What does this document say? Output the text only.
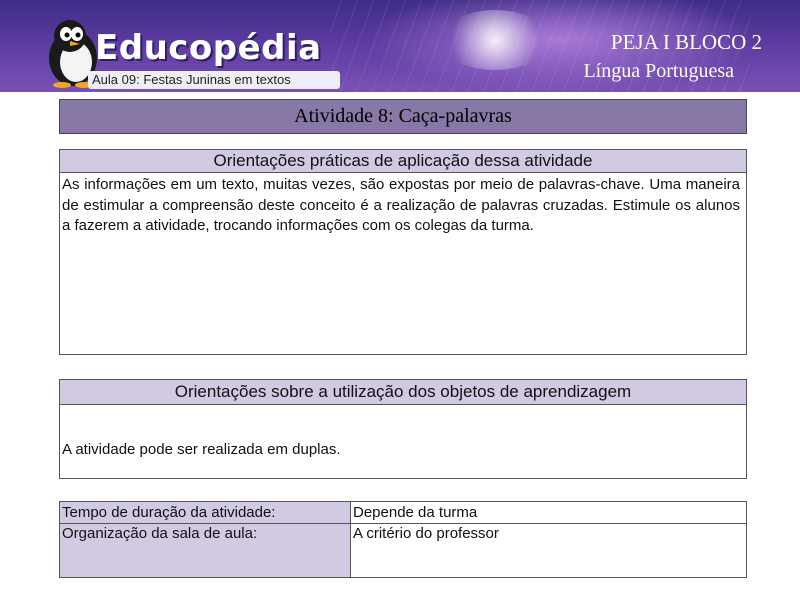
Educopédia
Aula 09: Festas Juninas em textos
PEJA I BLOCO 2
Língua Portuguesa
Atividade 8: Caça-palavras
Orientações práticas de aplicação dessa atividade
As informações em um texto, muitas vezes, são expostas por meio de palavras-chave. Uma maneira de estimular a compreensão deste conceito é a realização de palavras cruzadas. Estimule os alunos a fazerem a atividade, trocando informações com os colegas da turma.
Orientações sobre a utilização dos objetos de aprendizagem
A atividade pode ser realizada em duplas.
Tempo de duração da atividade:	Depende da turma
Organização da sala de aula:	A critério do professor
